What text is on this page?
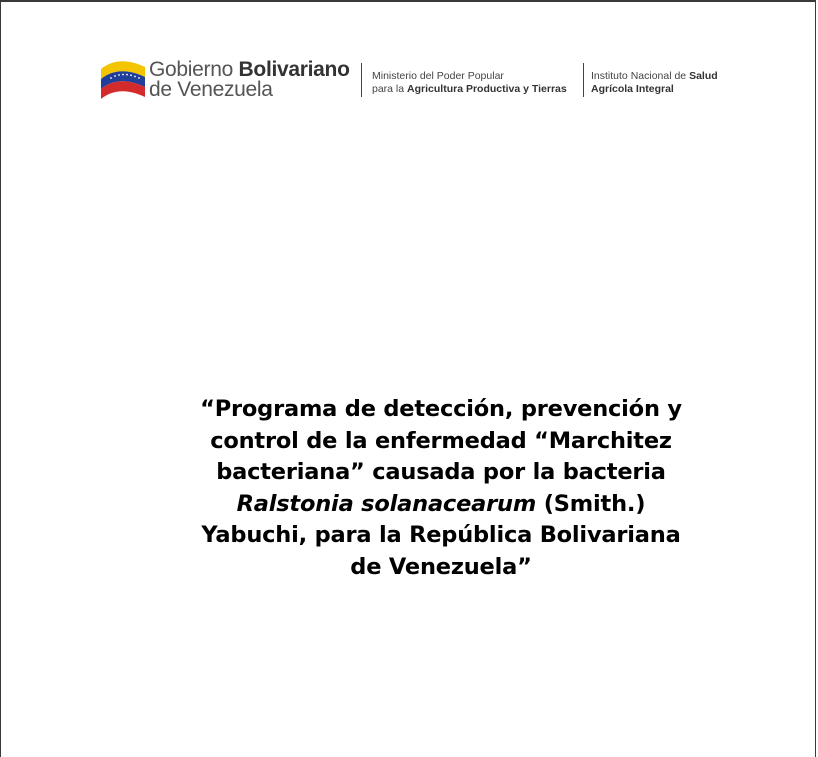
Gobierno Bolivariano
de Venezuela
Ministerio del Poder Popular
para la Agricultura Productiva y Tierras
Instituto Nacional de Salud
Agrícola Integral
“Programa de detección, prevención y
control de la enfermedad “Marchitez
bacteriana” causada por la bacteria
Ralstonia solanacearum (Smith.)
Yabuchi, para la República Bolivariana
de Venezuela”
